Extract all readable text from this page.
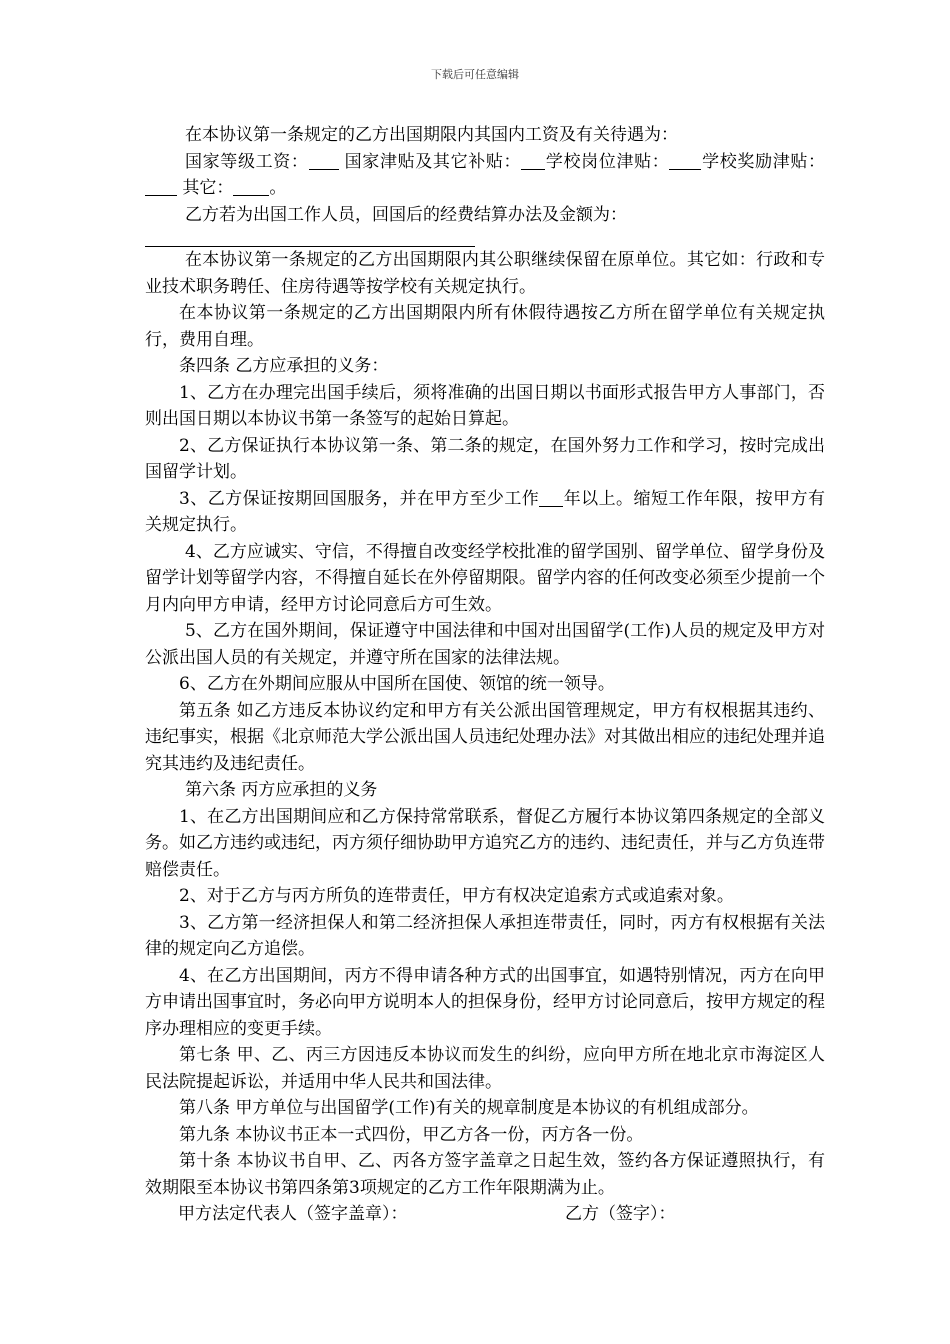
下载后可任意编辑

在本协议第一条规定的乙方出国期限内其国内工资及有关待遇为：

国家等级工资： 国家津贴及其它补贴： 学校岗位津贴： 学校奖励津贴： 其它： 。

乙方若为出国工作人员，回国后的经费结算办法及金额为：

在本协议第一条规定的乙方出国期限内其公职继续保留在原单位。其它如：行政和专业技术职务聘任、住房待遇等按学校有关规定执行。

在本协议第一条规定的乙方出国期限内所有休假待遇按乙方所在留学单位有关规定执行，费用自理。

条四条 乙方应承担的义务：

1、乙方在办理完出国手续后，须将准确的出国日期以书面形式报告甲方人事部门，否则出国日期以本协议书第一条签写的起始日算起。

2、乙方保证执行本协议第一条、第二条的规定，在国外努力工作和学习，按时完成出国留学计划。

3、乙方保证按期回国服务，并在甲方至少工作 年以上。缩短工作年限，按甲方有关规定执行。

4、乙方应诚实、守信，不得擅自改变经学校批准的留学国别、留学单位、留学身份及留学计划等留学内容，不得擅自延长在外停留期限。留学内容的任何改变必须至少提前一个月内向甲方申请，经甲方讨论同意后方可生效。

5、乙方在国外期间，保证遵守中国法律和中国对出国留学(工作)人员的规定及甲方对公派出国人员的有关规定，并遵守所在国家的法律法规。

6、乙方在外期间应服从中国所在国使、领馆的统一领导。

第五条 如乙方违反本协议约定和甲方有关公派出国管理规定，甲方有权根据其违约、违纪事实，根据《北京师范大学公派出国人员违纪处理办法》对其做出相应的违纪处理并追究其违约及违纪责任。

第六条 丙方应承担的义务

1、在乙方出国期间应和乙方保持常常联系，督促乙方履行本协议第四条规定的全部义务。如乙方违约或违纪，丙方须仔细协助甲方追究乙方的违约、违纪责任，并与乙方负连带赔偿责任。

2、对于乙方与丙方所负的连带责任，甲方有权决定追索方式或追索对象。

3、乙方第一经济担保人和第二经济担保人承担连带责任，同时，丙方有权根据有关法律的规定向乙方追偿。

4、在乙方出国期间，丙方不得申请各种方式的出国事宜，如遇特别情况，丙方在向甲方申请出国事宜时，务必向甲方说明本人的担保身份，经甲方讨论同意后，按甲方规定的程序办理相应的变更手续。

第七条 甲、乙、丙三方因违反本协议而发生的纠纷，应向甲方所在地北京市海淀区人民法院提起诉讼，并适用中华人民共和国法律。

第八条 甲方单位与出国留学(工作)有关的规章制度是本协议的有机组成部分。

第九条 本协议书正本一式四份，甲乙方各一份，丙方各一份。

第十条 本协议书自甲、乙、丙各方签字盖章之日起生效，签约各方保证遵照执行，有效期限至本协议书第四条第3项规定的乙方工作年限期满为止。

甲方法定代表人（签字盖章）：	乙方（签字）：
